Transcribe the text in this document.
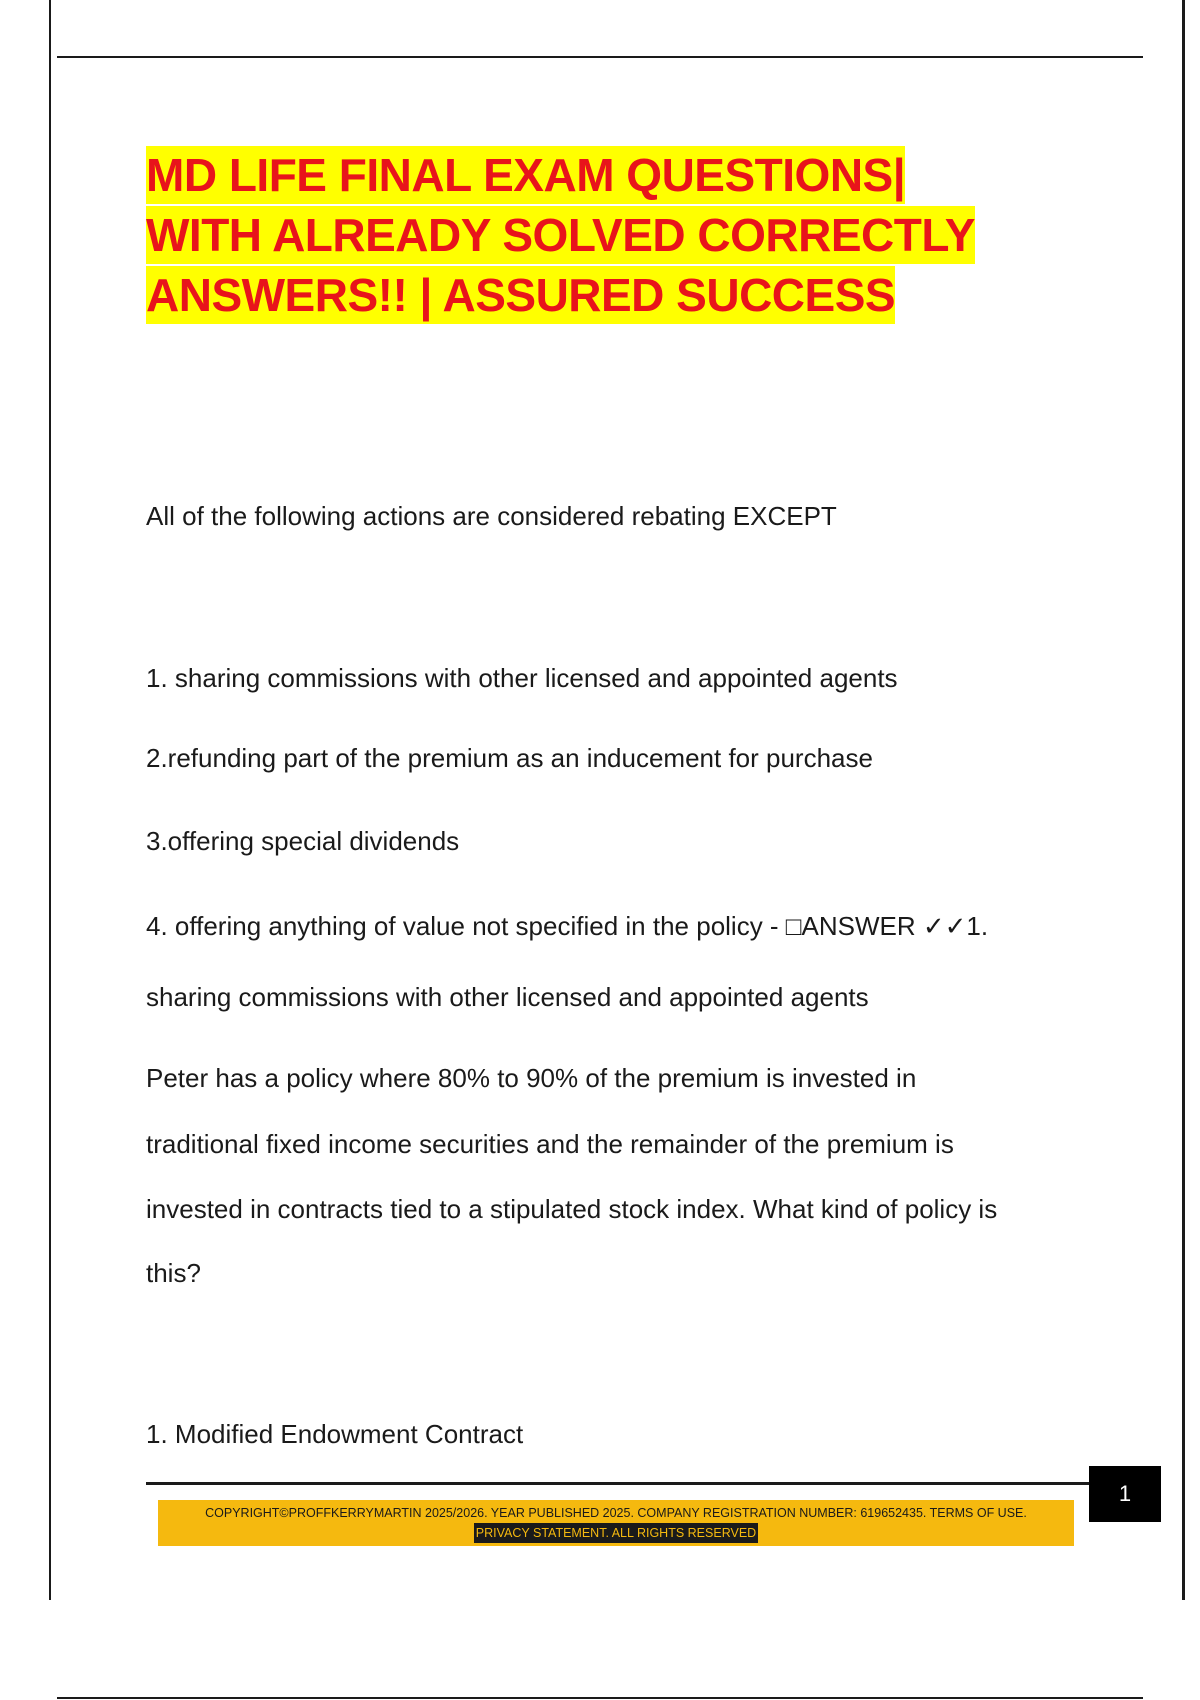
MD LIFE FINAL EXAM QUESTIONS|
WITH ALREADY SOLVED CORRECTLY
ANSWERS!! | ASSURED SUCCESS
All of the following actions are considered rebating EXCEPT
1. sharing commissions with other licensed and appointed agents
2.refunding part of the premium as an inducement for purchase
3.offering special dividends
4. offering anything of value not specified in the policy - □ANSWER ✓✓1.
sharing commissions with other licensed and appointed agents
Peter has a policy where 80% to 90% of the premium is invested in
traditional fixed income securities and the remainder of the premium is
invested in contracts tied to a stipulated stock index. What kind of policy is
this?
1. Modified Endowment Contract
1
COPYRIGHT©PROFFKERRYMARTIN 2025/2026. YEAR PUBLISHED 2025. COMPANY REGISTRATION NUMBER: 619652435. TERMS OF USE.
PRIVACY STATEMENT. ALL RIGHTS RESERVED
